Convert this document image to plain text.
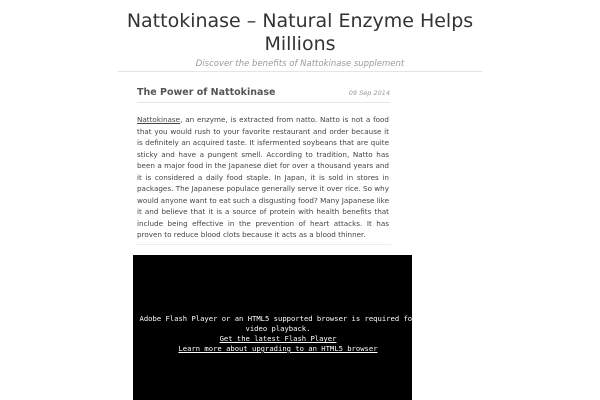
Nattokinase – Natural Enzyme Helps Millions
Discover the benefits of Nattokinase supplement
The Power of Nattokinase	09 Sep 2014
Nattokinase, an enzyme, is extracted from natto. Natto is not a food that you would rush to your favorite restaurant and order because it is definitely an acquired taste. It isfermented soybeans that are quite sticky and have a pungent smell. According to tradition, Natto has been a major food in the Japanese diet for over a thousand years and it is considered a daily food staple. In Japan, it is sold in stores in packages. The Japanese populace generally serve it over rice. So why would anyone want to eat such a disgusting food? Many Japanese like it and believe that it is a source of protein with health benefits that include being effective in the prevention of heart attacks. It has proven to reduce blood clots because it acts as a blood thinner.
Adobe Flash Player or an HTML5 supported browser is required for video playback.
Get the latest Flash Player
Learn more about upgrading to an HTML5 browser
